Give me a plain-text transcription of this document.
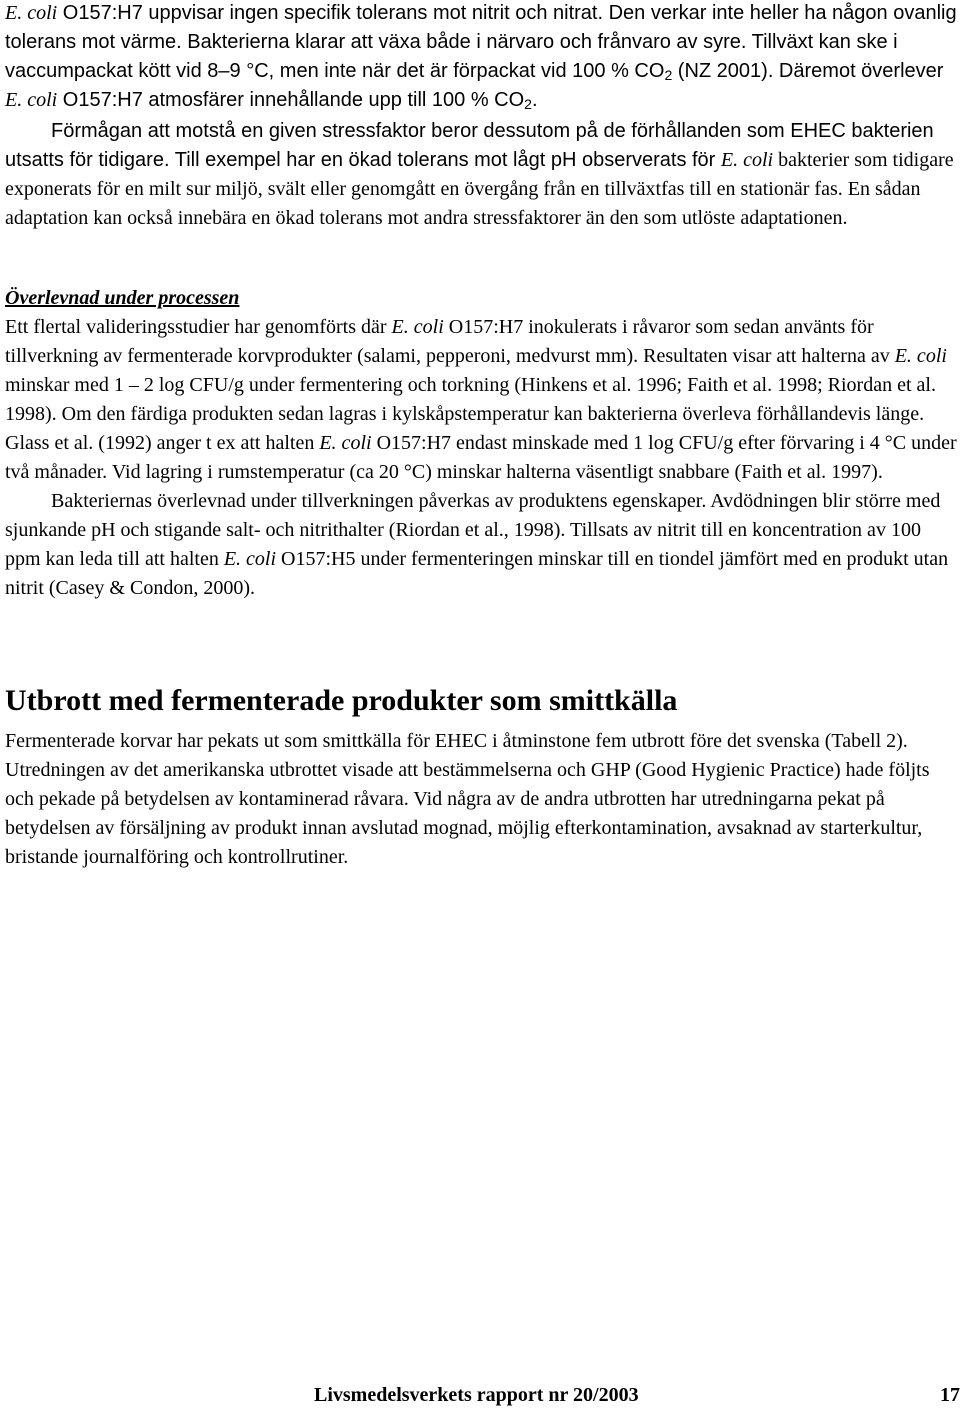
E. coli O157:H7 uppvisar ingen specifik tolerans mot nitrit och nitrat. Den verkar inte heller ha någon ovanlig tolerans mot värme. Bakterierna klarar att växa både i närvaro och frånvaro av syre. Tillväxt kan ske i vaccumpackat kött vid 8–9 °C, men inte när det är förpackat vid 100 % $CO_2$ (NZ 2001). Däremot överlever E. coli O157:H7 atmosfärer innehållande upp till 100 % $CO_2$.

Förmågan att motstå en given stressfaktor beror dessutom på de förhållanden som EHEC bakterien utsatts för tidigare. Till exempel har en ökad tolerans mot lågt pH observerats för E. coli bakterier som tidigare exponerats för en milt sur miljö, svält eller genomgått en övergång från en tillväxtfas till en stationär fas. En sådan adaptation kan också innebära en ökad tolerans mot andra stressfaktorer än den som utlöste adaptationen.

Överlevnad under processen

Ett flertal valideringsstudier har genomförts där E. coli O157:H7 inokulerats i råvaror som sedan använts för tillverkning av fermenterade korvprodukter (salami, pepperoni, medvurst mm). Resultaten visar att halterna av E. coli minskar med 1 – 2 log CFU/g under fermentering och torkning (Hinkens et al. 1996; Faith et al. 1998; Riordan et al. 1998). Om den färdiga produkten sedan lagras i kylskåpstemperatur kan bakterierna överleva förhållandevis länge. Glass et al. (1992) anger t ex att halten E. coli O157:H7 endast minskade med 1 log CFU/g efter förvaring i 4 °C under två månader. Vid lagring i rumstemperatur (ca 20 °C) minskar halterna väsentligt snabbare (Faith et al. 1997).

Bakteriernas överlevnad under tillverkningen påverkas av produktens egenskaper. Avdödningen blir större med sjunkande pH och stigande salt- och nitrithalter (Riordan et al., 1998). Tillsats av nitrit till en koncentration av 100 ppm kan leda till att halten E. coli O157:H5 under fermenteringen minskar till en tiondel jämfört med en produkt utan nitrit (Casey & Condon, 2000).

Utbrott med fermenterade produkter som smittkälla

Fermenterade korvar har pekats ut som smittkälla för EHEC i åtminstone fem utbrott före det svenska (Tabell 2). Utredningen av det amerikanska utbrottet visade att bestämmelserna och GHP (Good Hygienic Practice) hade följts och pekade på betydelsen av kontaminerad råvara. Vid några av de andra utbrotten har utredningarna pekat på betydelsen av försäljning av produkt innan avslutad mognad, möjlig efterkontamination, avsaknad av starterkultur, bristande journalföring och kontrollrutiner.

Livsmedelsverkets rapport nr 20/2003	17
